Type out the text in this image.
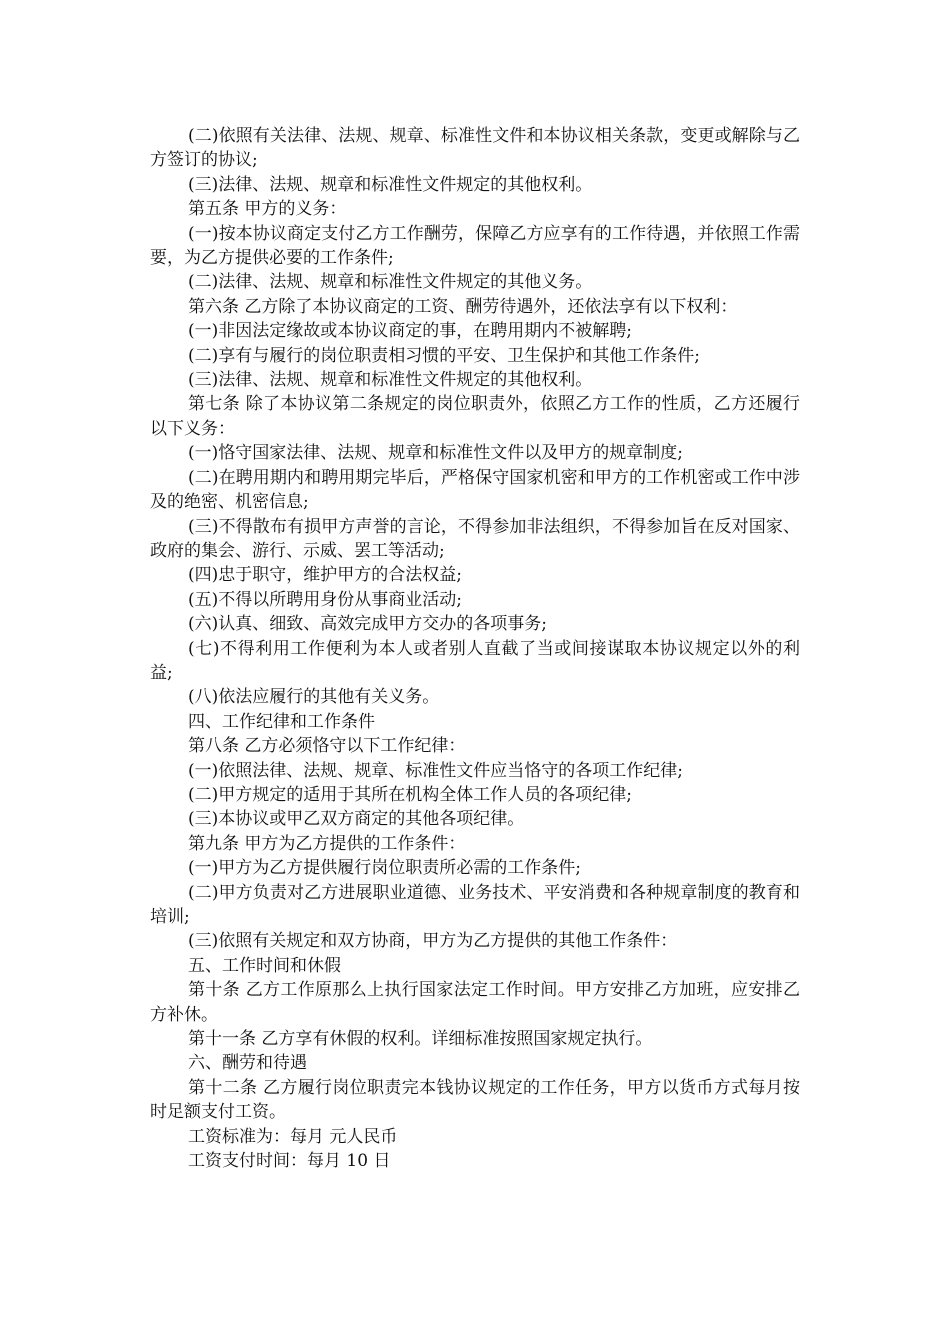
(二)依照有关法律、法规、规章、标准性文件和本协议相关条款，变更或解除与乙方签订的协议;

(三)法律、法规、规章和标准性文件规定的其他权利。

第五条 甲方的义务：

(一)按本协议商定支付乙方工作酬劳，保障乙方应享有的工作待遇，并依照工作需要，为乙方提供必要的工作条件;

(二)法律、法规、规章和标准性文件规定的其他义务。

第六条 乙方除了本协议商定的工资、酬劳待遇外，还依法享有以下权利：

(一)非因法定缘故或本协议商定的事，在聘用期内不被解聘;

(二)享有与履行的岗位职责相习惯的平安、卫生保护和其他工作条件;

(三)法律、法规、规章和标准性文件规定的其他权利。

第七条 除了本协议第二条规定的岗位职责外，依照乙方工作的性质，乙方还履行以下义务：

(一)恪守国家法律、法规、规章和标准性文件以及甲方的规章制度;

(二)在聘用期内和聘用期完毕后，严格保守国家机密和甲方的工作机密或工作中涉及的绝密、机密信息;

(三)不得散布有损甲方声誉的言论，不得参加非法组织，不得参加旨在反对国家、政府的集会、游行、示威、罢工等活动;

(四)忠于职守，维护甲方的合法权益;

(五)不得以所聘用身份从事商业活动;

(六)认真、细致、高效完成甲方交办的各项事务;

(七)不得利用工作便利为本人或者别人直截了当或间接谋取本协议规定以外的利益;

(八)依法应履行的其他有关义务。

四、工作纪律和工作条件

第八条 乙方必须恪守以下工作纪律：

(一)依照法律、法规、规章、标准性文件应当恪守的各项工作纪律;

(二)甲方规定的适用于其所在机构全体工作人员的各项纪律;

(三)本协议或甲乙双方商定的其他各项纪律。

第九条 甲方为乙方提供的工作条件：

(一)甲方为乙方提供履行岗位职责所必需的工作条件;

(二)甲方负责对乙方进展职业道德、业务技术、平安消费和各种规章制度的教育和培训;

(三)依照有关规定和双方协商，甲方为乙方提供的其他工作条件：

五、工作时间和休假

第十条 乙方工作原那么上执行国家法定工作时间。甲方安排乙方加班，应安排乙方补休。

第十一条 乙方享有休假的权利。详细标准按照国家规定执行。

六、酬劳和待遇

第十二条 乙方履行岗位职责完本钱协议规定的工作任务，甲方以货币方式每月按时足额支付工资。

工资标准为：每月 元人民币

工资支付时间：每月 10 日
